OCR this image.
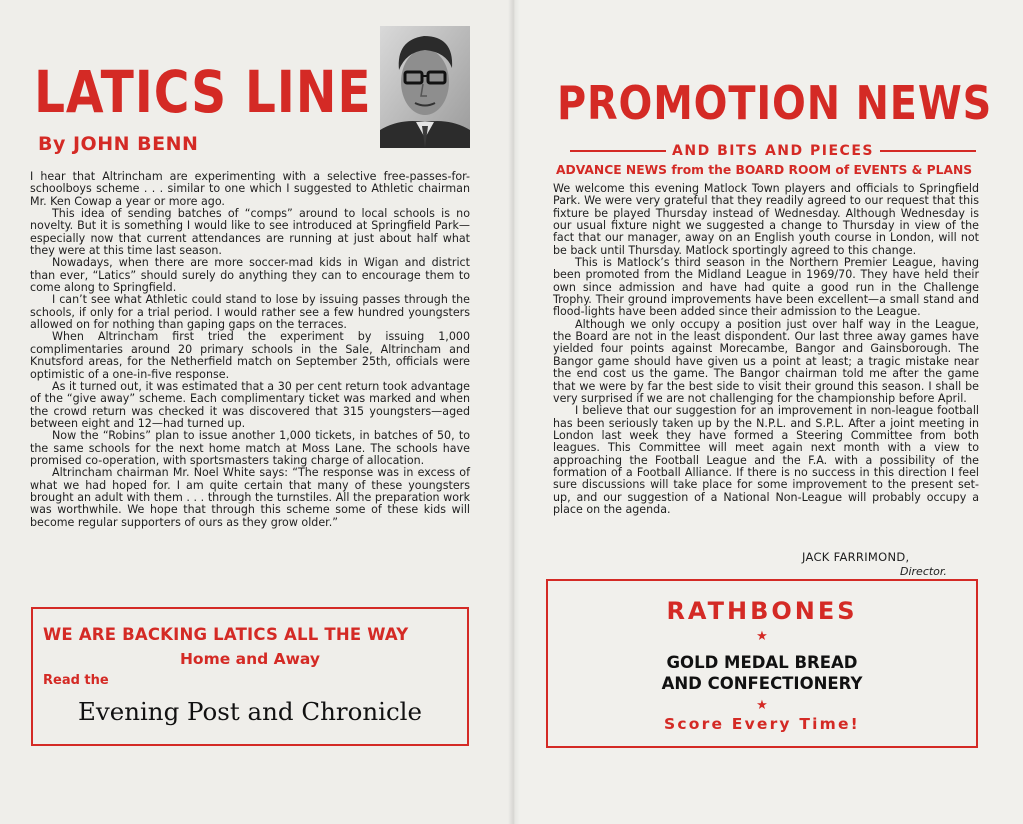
LATICS LINE
By JOHN BENN

I hear that Altrincham are experimenting with a selective free-passes-for-schoolboys scheme . . . similar to one which I suggested to Athletic chairman Mr. Ken Cowap a year or more ago.

This idea of sending batches of “comps” around to local schools is no novelty. But it is something I would like to see introduced at Springfield Park—especially now that current attendances are running at just about half what they were at this time last season.

Nowadays, when there are more soccer-mad kids in Wigan and district than ever, “Latics” should surely do anything they can to encourage them to come along to Springfield.

I can’t see what Athletic could stand to lose by issuing passes through the schools, if only for a trial period. I would rather see a few hundred youngsters allowed on for nothing than gaping gaps on the terraces.

When Altrincham first tried the experiment by issuing 1,000 complimentaries around 20 primary schools in the Sale, Altrincham and Knutsford areas, for the Netherfield match on September 25th, officials were optimistic of a one-in-five response.

As it turned out, it was estimated that a 30 per cent return took advantage of the “give away” scheme. Each complimentary ticket was marked and when the crowd return was checked it was discovered that 315 youngsters—aged between eight and 12—had turned up.

Now the “Robins” plan to issue another 1,000 tickets, in batches of 50, to the same schools for the next home match at Moss Lane. The schools have promised co-operation, with sportsmasters taking charge of allocation.

Altrincham chairman Mr. Noel White says: “The response was in excess of what we had hoped for. I am quite certain that many of these youngsters brought an adult with them . . . through the turnstiles. All the preparation work was worthwhile. We hope that through this scheme some of these kids will become regular supporters of ours as they grow older.”

WE ARE BACKING LATICS ALL THE WAY
Home and Away
Read the
Evening Post and Chronicle
PROMOTION NEWS
AND BITS AND PIECES
ADVANCE NEWS from the BOARD ROOM of EVENTS & PLANS

We welcome this evening Matlock Town players and officials to Springfield Park. We were very grateful that they readily agreed to our request that this fixture be played Thursday instead of Wednesday. Although Wednesday is our usual fixture night we suggested a change to Thursday in view of the fact that our manager, away on an English youth course in London, will not be back until Thursday. Matlock sportingly agreed to this change.

This is Matlock’s third season in the Northern Premier League, having been promoted from the Midland League in 1969/70. They have held their own since admission and have had quite a good run in the Challenge Trophy. Their ground improvements have been excellent—a small stand and flood-lights have been added since their admission to the League.

Although we only occupy a position just over half way in the League, the Board are not in the least dispondent. Our last three away games have yielded four points against Morecambe, Bangor and Gainsborough. The Bangor game should have given us a point at least; a tragic mistake near the end cost us the game. The Bangor chairman told me after the game that we were by far the best side to visit their ground this season. I shall be very surprised if we are not challenging for the championship before April.

I believe that our suggestion for an improvement in non-league football has been seriously taken up by the N.P.L. and S.P.L. After a joint meeting in London last week they have formed a Steering Committee from both leagues. This Committee will meet again next month with a view to approaching the Football League and the F.A. with a possibility of the formation of a Football Alliance. If there is no success in this direction I feel sure discussions will take place for some improvement to the present set-up, and our suggestion of a National Non-League will probably occupy a place on the agenda.

JACK FARRIMOND,
Director.
RATHBONES
★
GOLD MEDAL BREAD
AND CONFECTIONERY
★
Score Every Time!
